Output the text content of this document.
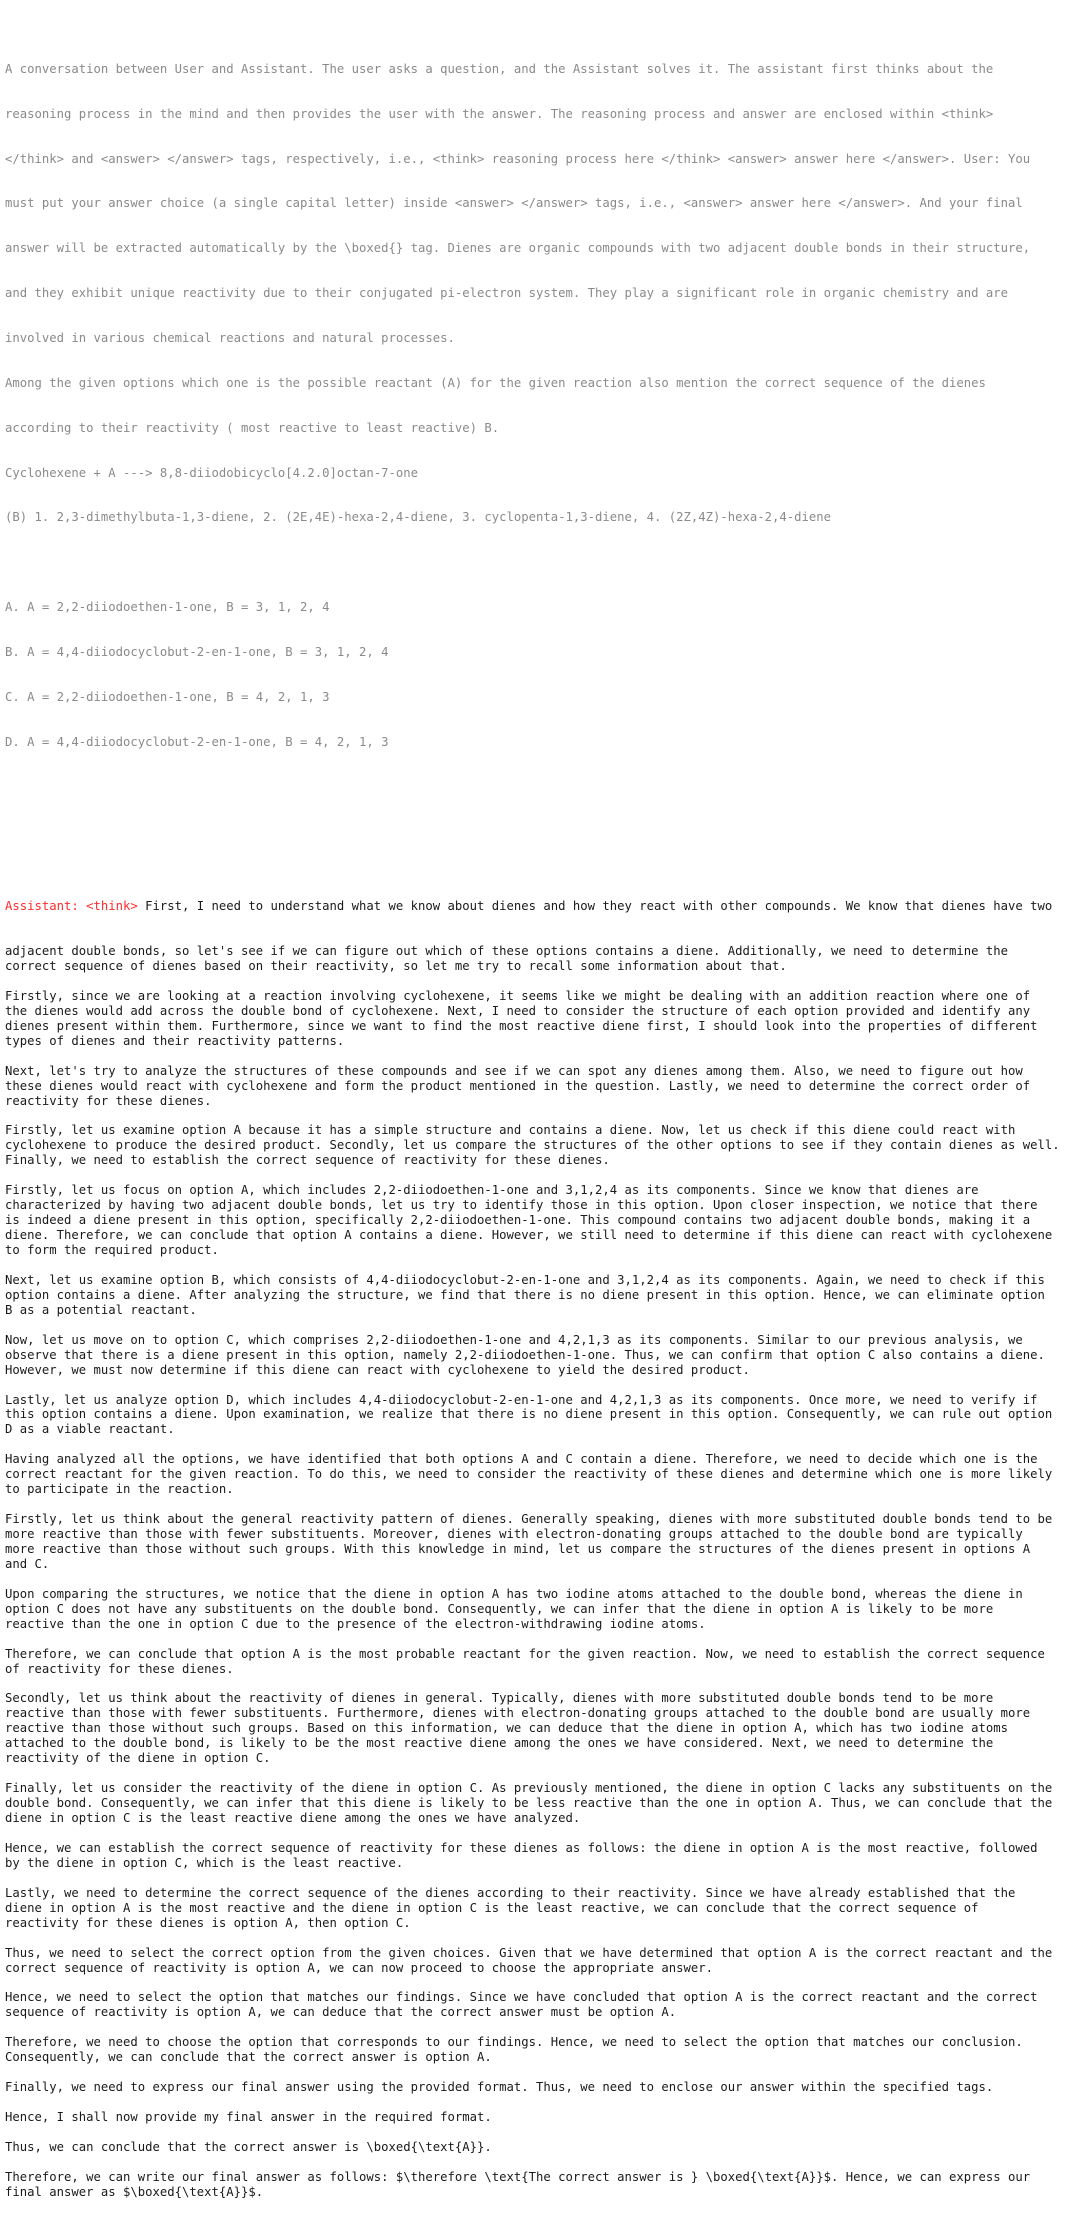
A conversation between User and Assistant. The user asks a question, and the Assistant solves it. The assistant first thinks about the

reasoning process in the mind and then provides the user with the answer. The reasoning process and answer are enclosed within <think>

</think> and <answer> </answer> tags, respectively, i.e., <think> reasoning process here </think> <answer> answer here </answer>. User: You

must put your answer choice (a single capital letter) inside <answer> </answer> tags, i.e., <answer> answer here </answer>. And your final

answer will be extracted automatically by the \boxed{} tag. Dienes are organic compounds with two adjacent double bonds in their structure,

and they exhibit unique reactivity due to their conjugated pi-electron system. They play a significant role in organic chemistry and are

involved in various chemical reactions and natural processes.

Among the given options which one is the possible reactant (A) for the given reaction also mention the correct sequence of the dienes

according to their reactivity ( most reactive to least reactive) B.

Cyclohexene + A ---> 8,8-diiodobicyclo[4.2.0]octan-7-one

(B) 1. 2,3-dimethylbuta-1,3-diene, 2. (2E,4E)-hexa-2,4-diene, 3. cyclopenta-1,3-diene, 4. (2Z,4Z)-hexa-2,4-diene

A. A = 2,2-diiodoethen-1-one, B = 3, 1, 2, 4

B. A = 4,4-diiodocyclobut-2-en-1-one, B = 3, 1, 2, 4

C. A = 2,2-diiodoethen-1-one, B = 4, 2, 1, 3

D. A = 4,4-diiodocyclobut-2-en-1-one, B = 4, 2, 1, 3

Assistant: <think> First, I need to understand what we know about dienes and how they react with other compounds. We know that dienes have two

adjacent double bonds, so let's see if we can figure out which of these options contains a diene. Additionally, we need to determine the
correct sequence of dienes based on their reactivity, so let me try to recall some information about that.
Firstly, since we are looking at a reaction involving cyclohexene, it seems like we might be dealing with an addition reaction where one of
the dienes would add across the double bond of cyclohexene. Next, I need to consider the structure of each option provided and identify any
dienes present within them. Furthermore, since we want to find the most reactive diene first, I should look into the properties of different
types of dienes and their reactivity patterns.
Next, let's try to analyze the structures of these compounds and see if we can spot any dienes among them. Also, we need to figure out how
these dienes would react with cyclohexene and form the product mentioned in the question. Lastly, we need to determine the correct order of
reactivity for these dienes.
Firstly, let us examine option A because it has a simple structure and contains a diene. Now, let us check if this diene could react with
cyclohexene to produce the desired product. Secondly, let us compare the structures of the other options to see if they contain dienes as well.
Finally, we need to establish the correct sequence of reactivity for these dienes.
Firstly, let us focus on option A, which includes 2,2-diiodoethen-1-one and 3,1,2,4 as its components. Since we know that dienes are
characterized by having two adjacent double bonds, let us try to identify those in this option. Upon closer inspection, we notice that there
is indeed a diene present in this option, specifically 2,2-diiodoethen-1-one. This compound contains two adjacent double bonds, making it a
diene. Therefore, we can conclude that option A contains a diene. However, we still need to determine if this diene can react with cyclohexene
to form the required product.
Next, let us examine option B, which consists of 4,4-diiodocyclobut-2-en-1-one and 3,1,2,4 as its components. Again, we need to check if this
option contains a diene. After analyzing the structure, we find that there is no diene present in this option. Hence, we can eliminate option
B as a potential reactant.
Now, let us move on to option C, which comprises 2,2-diiodoethen-1-one and 4,2,1,3 as its components. Similar to our previous analysis, we
observe that there is a diene present in this option, namely 2,2-diiodoethen-1-one. Thus, we can confirm that option C also contains a diene.
However, we must now determine if this diene can react with cyclohexene to yield the desired product.
Lastly, let us analyze option D, which includes 4,4-diiodocyclobut-2-en-1-one and 4,2,1,3 as its components. Once more, we need to verify if
this option contains a diene. Upon examination, we realize that there is no diene present in this option. Consequently, we can rule out option
D as a viable reactant.
Having analyzed all the options, we have identified that both options A and C contain a diene. Therefore, we need to decide which one is the
correct reactant for the given reaction. To do this, we need to consider the reactivity of these dienes and determine which one is more likely
to participate in the reaction.
Firstly, let us think about the general reactivity pattern of dienes. Generally speaking, dienes with more substituted double bonds tend to be
more reactive than those with fewer substituents. Moreover, dienes with electron-donating groups attached to the double bond are typically
more reactive than those without such groups. With this knowledge in mind, let us compare the structures of the dienes present in options A
and C.
Upon comparing the structures, we notice that the diene in option A has two iodine atoms attached to the double bond, whereas the diene in
option C does not have any substituents on the double bond. Consequently, we can infer that the diene in option A is likely to be more
reactive than the one in option C due to the presence of the electron-withdrawing iodine atoms.
Therefore, we can conclude that option A is the most probable reactant for the given reaction. Now, we need to establish the correct sequence
of reactivity for these dienes.
Secondly, let us think about the reactivity of dienes in general. Typically, dienes with more substituted double bonds tend to be more
reactive than those with fewer substituents. Furthermore, dienes with electron-donating groups attached to the double bond are usually more
reactive than those without such groups. Based on this information, we can deduce that the diene in option A, which has two iodine atoms
attached to the double bond, is likely to be the most reactive diene among the ones we have considered. Next, we need to determine the
reactivity of the diene in option C.
Finally, let us consider the reactivity of the diene in option C. As previously mentioned, the diene in option C lacks any substituents on the
double bond. Consequently, we can infer that this diene is likely to be less reactive than the one in option A. Thus, we can conclude that the
diene in option C is the least reactive diene among the ones we have analyzed.
Hence, we can establish the correct sequence of reactivity for these dienes as follows: the diene in option A is the most reactive, followed
by the diene in option C, which is the least reactive.
Lastly, we need to determine the correct sequence of the dienes according to their reactivity. Since we have already established that the
diene in option A is the most reactive and the diene in option C is the least reactive, we can conclude that the correct sequence of
reactivity for these dienes is option A, then option C.
Thus, we need to select the correct option from the given choices. Given that we have determined that option A is the correct reactant and the
correct sequence of reactivity is option A, we can now proceed to choose the appropriate answer.
Hence, we need to select the option that matches our findings. Since we have concluded that option A is the correct reactant and the correct
sequence of reactivity is option A, we can deduce that the correct answer must be option A.
Therefore, we need to choose the option that corresponds to our findings. Hence, we need to select the option that matches our conclusion.
Consequently, we can conclude that the correct answer is option A.
Finally, we need to express our final answer using the provided format. Thus, we need to enclose our answer within the specified tags.
Hence, I shall now provide my final answer in the required format.
Thus, we can conclude that the correct answer is \boxed{\text{A}}.
Therefore, we can write our final answer as follows: $\therefore \text{The correct answer is } \boxed{\text{A}}$. Hence, we can express our
final answer as $\boxed{\text{A}}$.
